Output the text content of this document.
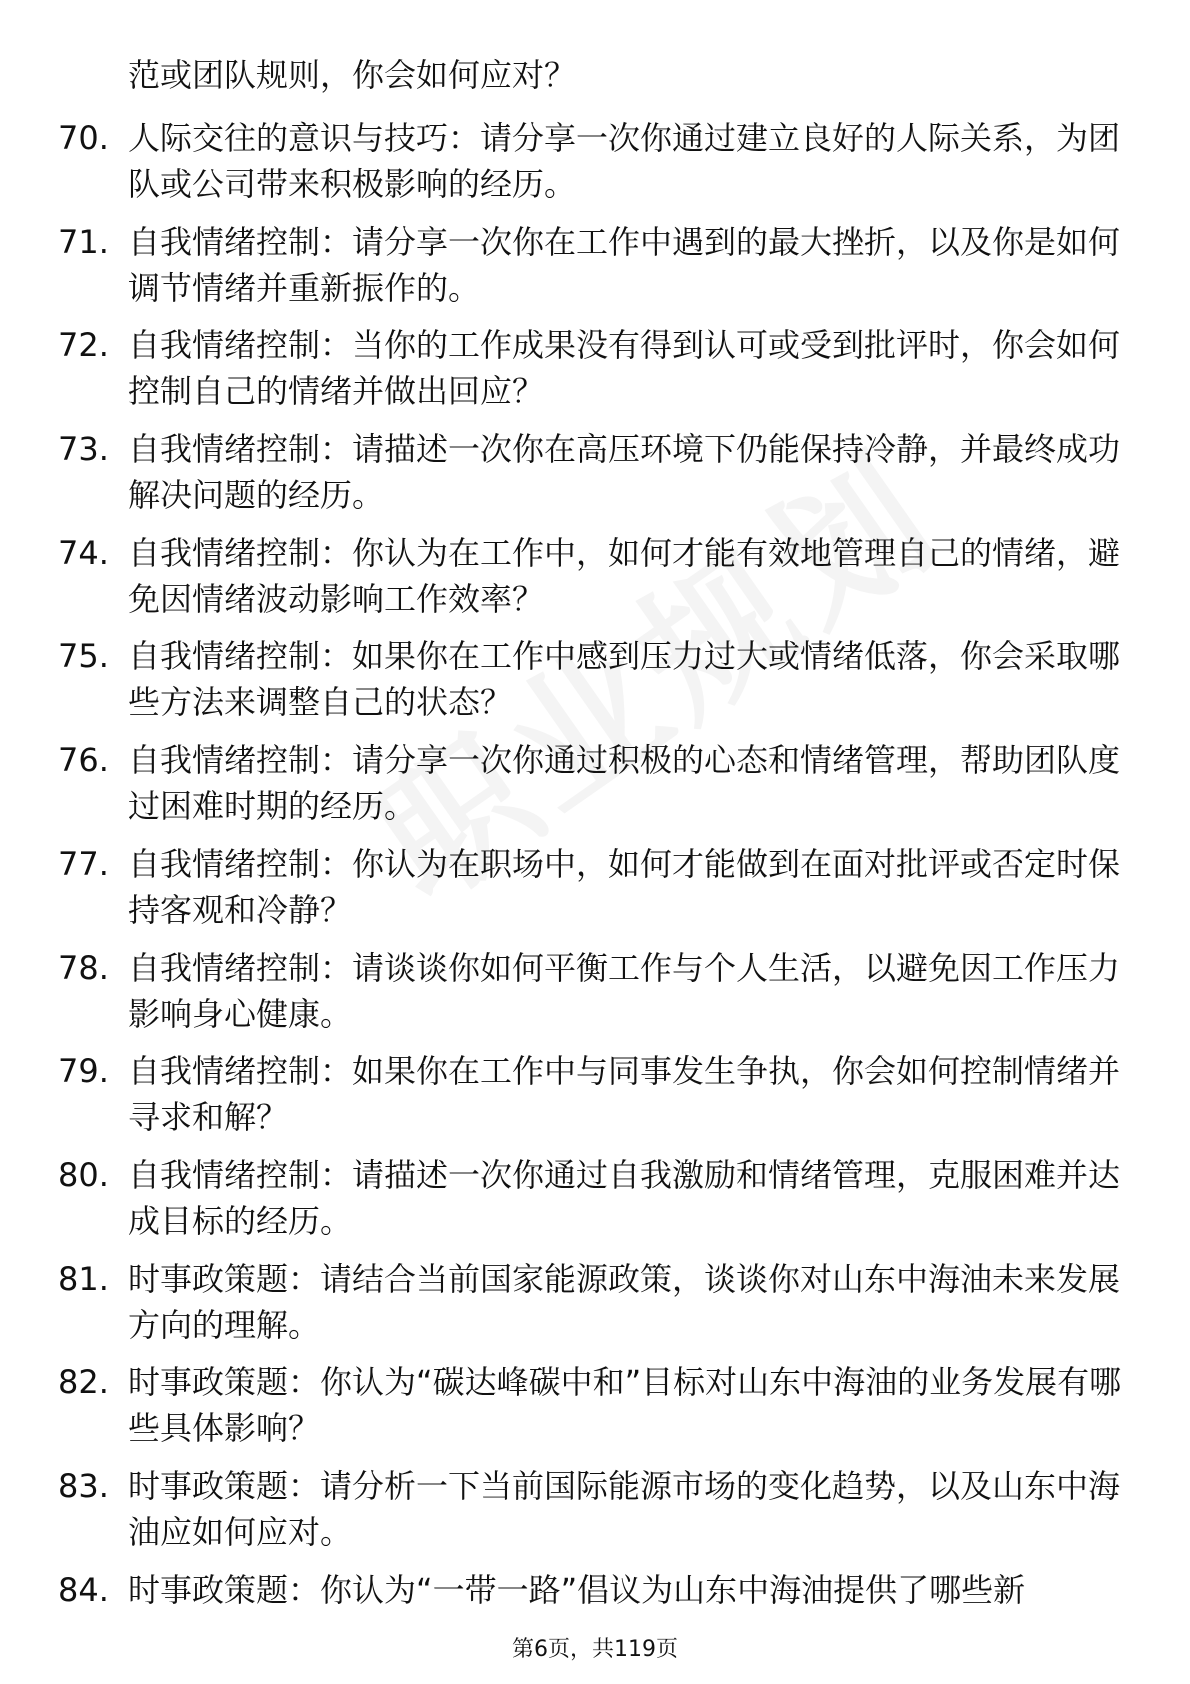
范或团队规则，你会如何应对？
70. 人际交往的意识与技巧：请分享一次你通过建立良好的人际关系，为团队或公司带来积极影响的经历。
71. 自我情绪控制：请分享一次你在工作中遇到的最大挫折，以及你是如何调节情绪并重新振作的。
72. 自我情绪控制：当你的工作成果没有得到认可或受到批评时，你会如何控制自己的情绪并做出回应？
73. 自我情绪控制：请描述一次你在高压环境下仍能保持冷静，并最终成功解决问题的经历。
74. 自我情绪控制：你认为在工作中，如何才能有效地管理自己的情绪，避免因情绪波动影响工作效率？
75. 自我情绪控制：如果你在工作中感到压力过大或情绪低落，你会采取哪些方法来调整自己的状态？
76. 自我情绪控制：请分享一次你通过积极的心态和情绪管理，帮助团队度过困难时期的经历。
77. 自我情绪控制：你认为在职场中，如何才能做到在面对批评或否定时保持客观和冷静？
78. 自我情绪控制：请谈谈你如何平衡工作与个人生活，以避免因工作压力影响身心健康。
79. 自我情绪控制：如果你在工作中与同事发生争执，你会如何控制情绪并寻求和解？
80. 自我情绪控制：请描述一次你通过自我激励和情绪管理，克服困难并达成目标的经历。
81. 时事政策题：请结合当前国家能源政策，谈谈你对山东中海油未来发展方向的理解。
82. 时事政策题：你认为“碳达峰碳中和”目标对山东中海油的业务发展有哪些具体影响？
83. 时事政策题：请分析一下当前国际能源市场的变化趋势，以及山东中海油应如何应对。
84. 时事政策题：你认为“一带一路”倡议为山东中海油提供了哪些新
第6页，共119页
